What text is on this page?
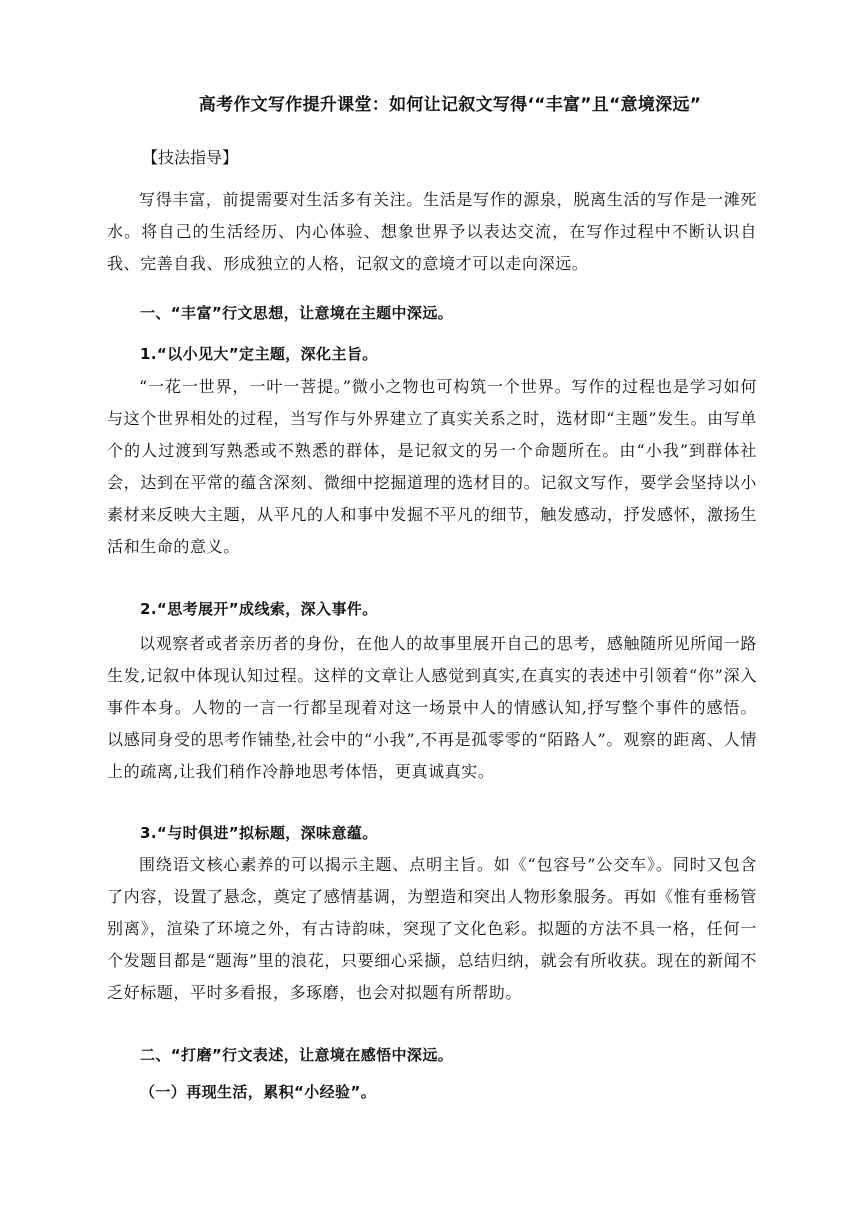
高考作文写作提升课堂：如何让记叙文写得‘“丰富”且“意境深远”
【技法指导】
写得丰富，前提需要对生活多有关注。生活是写作的源泉，脱离生活的写作是一滩死水。将自己的生活经历、内心体验、想象世界予以表达交流，在写作过程中不断认识自我、完善自我、形成独立的人格，记叙文的意境才可以走向深远。
一、“丰富”行文思想，让意境在主题中深远。
1.“以小见大”定主题，深化主旨。
“一花一世界，一叶一菩提。”微小之物也可构筑一个世界。写作的过程也是学习如何与这个世界相处的过程，当写作与外界建立了真实关系之时，选材即“主题”发生。由写单个的人过渡到写熟悉或不熟悉的群体，是记叙文的另一个命题所在。由“小我”到群体社会，达到在平常的蕴含深刻、微细中挖掘道理的选材目的。记叙文写作，要学会坚持以小素材来反映大主题，从平凡的人和事中发掘不平凡的细节，触发感动，抒发感怀，激扬生活和生命的意义。
2.“思考展开”成线索，深入事件。
以观察者或者亲历者的身份，在他人的故事里展开自己的思考，感触随所见所闻一路生发,记叙中体现认知过程。这样的文章让人感觉到真实,在真实的表述中引领着“你”深入事件本身。人物的一言一行都呈现着对这一场景中人的情感认知,抒写整个事件的感悟。以感同身受的思考作铺垫,社会中的“小我”,不再是孤零零的“陌路人”。观察的距离、人情上的疏离,让我们稍作冷静地思考体悟，更真诚真实。
3.“与时俱进”拟标题，深味意蕴。
围绕语文核心素养的可以揭示主题、点明主旨。如《“包容号”公交车》。同时又包含了内容，设置了悬念，奠定了感情基调，为塑造和突出人物形象服务。再如《惟有垂杨管别离》，渲染了环境之外，有古诗韵味，突现了文化色彩。拟题的方法不具一格，任何一个发题目都是“题海”里的浪花，只要细心采撷，总结归纳，就会有所收获。现在的新闻不乏好标题，平时多看报，多琢磨，也会对拟题有所帮助。
二、“打磨”行文表述，让意境在感悟中深远。
（一）再现生活，累积“小经验”。
